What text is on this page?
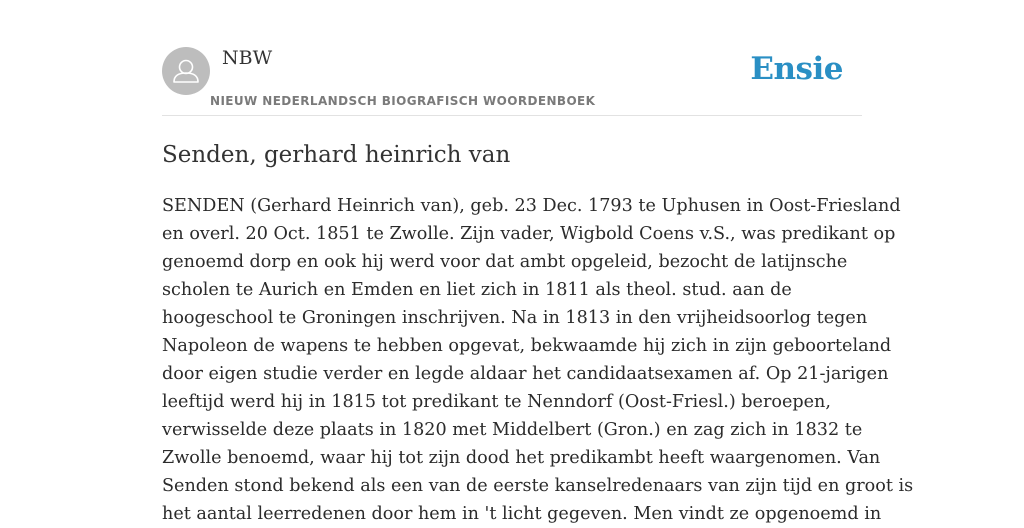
NBW
NIEUW NEDERLANDSCH BIOGRAFISCH WOORDENBOEK
Ensie
Senden, gerhard heinrich van

SENDEN (Gerhard Heinrich van), geb. 23 Dec. 1793 te Uphusen in Oost-Friesland
en overl. 20 Oct. 1851 te Zwolle. Zijn vader, Wigbold Coens v.S., was predikant op
genoemd dorp en ook hij werd voor dat ambt opgeleid, bezocht de latijnsche
scholen te Aurich en Emden en liet zich in 1811 als theol. stud. aan de
hoogeschool te Groningen inschrijven. Na in 1813 in den vrijheidsoorlog tegen
Napoleon de wapens te hebben opgevat, bekwaamde hij zich in zijn geboorteland
door eigen studie verder en legde aldaar het candidaatsexamen af. Op 21-jarigen
leeftijd werd hij in 1815 tot predikant te Nenndorf (Oost-Friesl.) beroepen,
verwisselde deze plaats in 1820 met Middelbert (Gron.) en zag zich in 1832 te
Zwolle benoemd, waar hij tot zijn dood het predikambt heeft waargenomen. Van
Senden stond bekend als een van de eerste kanselredenaars van zijn tijd en groot is
het aantal leerredenen door hem in 't licht gegeven. Men vindt ze opgenoemd in
